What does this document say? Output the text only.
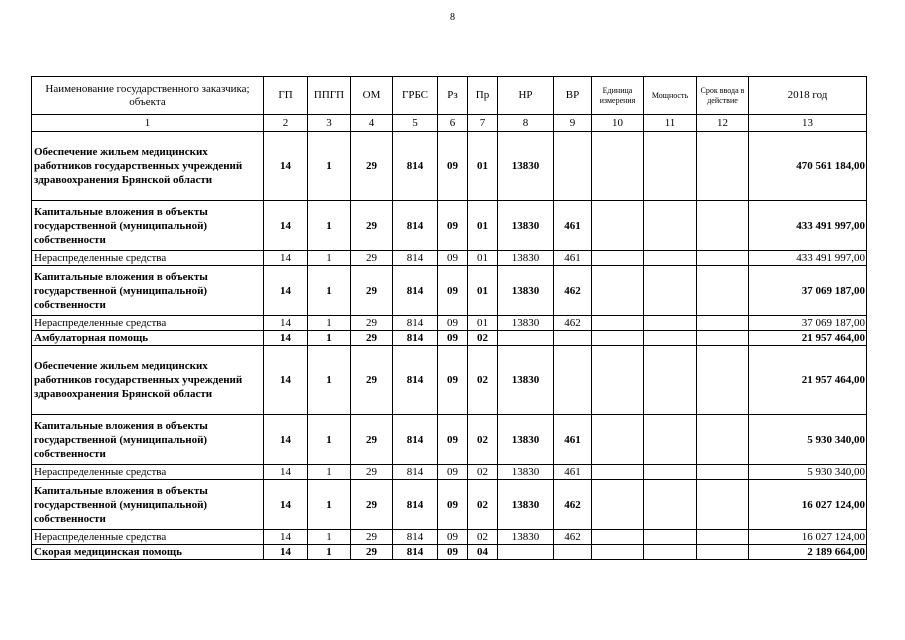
8
Наименование государственного заказчика; объекта	ГП	ППГП	ОМ	ГРБС	Рз	Пр	НР	ВР	Единица измерения	Мощность	Срок ввода в действие	2018 год
1	2	3	4	5	6	7	8	9	10	11	12	13
Обеспечение жильем медицинских работников государственных учреждений здравоохранения Брянской области	14	1	29	814	09	01	13830					470 561 184,00
Капитальные вложения в объекты государственной (муниципальной) собственности	14	1	29	814	09	01	13830	461				433 491 997,00
Нераспределенные средства	14	1	29	814	09	01	13830	461				433 491 997,00
Капитальные вложения в объекты государственной (муниципальной) собственности	14	1	29	814	09	01	13830	462				37 069 187,00
Нераспределенные средства	14	1	29	814	09	01	13830	462				37 069 187,00
Амбулаторная помощь	14	1	29	814	09	02						21 957 464,00
Обеспечение жильем медицинских работников государственных учреждений здравоохранения Брянской области	14	1	29	814	09	02	13830					21 957 464,00
Капитальные вложения в объекты государственной (муниципальной) собственности	14	1	29	814	09	02	13830	461				5 930 340,00
Нераспределенные средства	14	1	29	814	09	02	13830	461				5 930 340,00
Капитальные вложения в объекты государственной (муниципальной) собственности	14	1	29	814	09	02	13830	462				16 027 124,00
Нераспределенные средства	14	1	29	814	09	02	13830	462				16 027 124,00
Скорая медицинская помощь	14	1	29	814	09	04						2 189 664,00
